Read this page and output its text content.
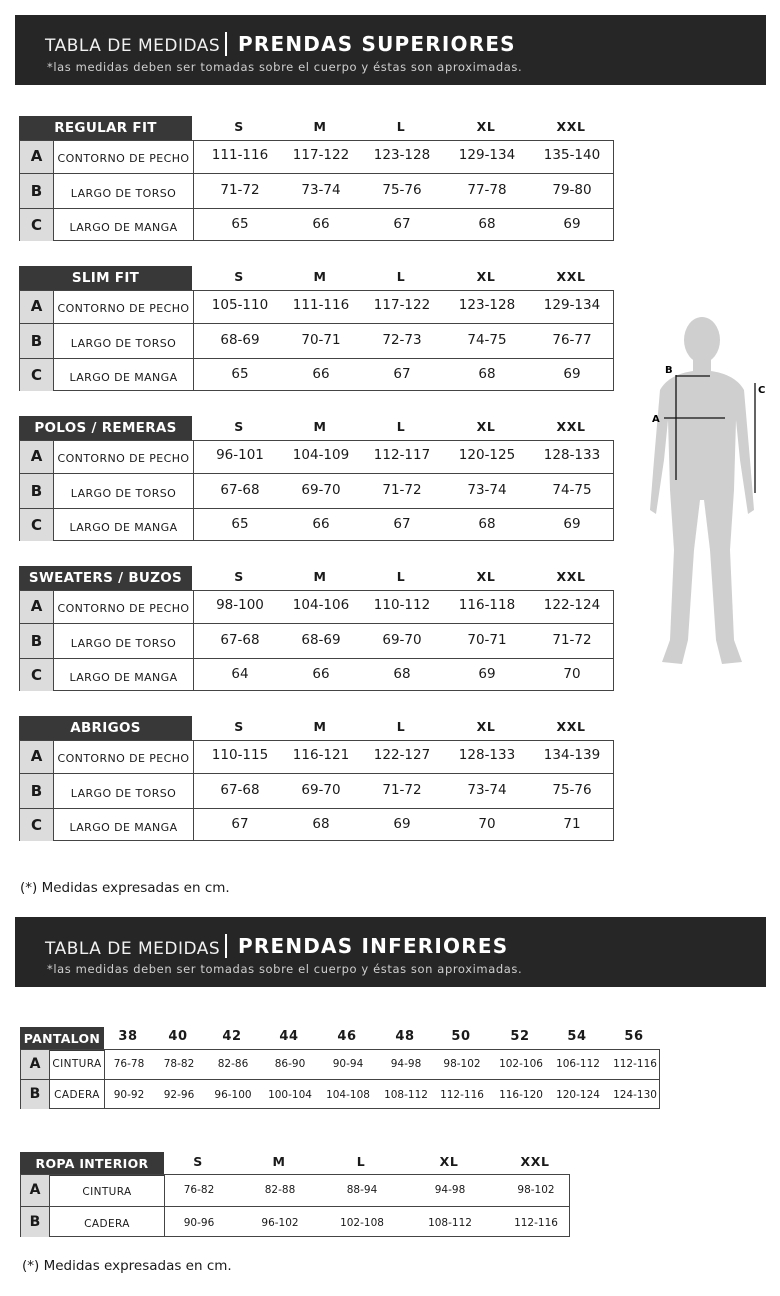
TABLA DE MEDIDAS PRENDAS SUPERIORES
*las medidas deben ser tomadas sobre el cuerpo y éstas son aproximadas.
REGULAR FIT	S	M	L	XL	XXL
A	CONTORNO DE PECHO	111-116	117-122	123-128	129-134	135-140
B	LARGO DE TORSO	71-72	73-74	75-76	77-78	79-80
C	LARGO DE MANGA	65	66	67	68	69
SLIM FIT	S	M	L	XL	XXL
A	CONTORNO DE PECHO	105-110	111-116	117-122	123-128	129-134
B	LARGO DE TORSO	68-69	70-71	72-73	74-75	76-77
C	LARGO DE MANGA	65	66	67	68	69
POLOS / REMERAS	S	M	L	XL	XXL
A	CONTORNO DE PECHO	96-101	104-109	112-117	120-125	128-133
B	LARGO DE TORSO	67-68	69-70	71-72	73-74	74-75
C	LARGO DE MANGA	65	66	67	68	69
SWEATERS / BUZOS	S	M	L	XL	XXL
A	CONTORNO DE PECHO	98-100	104-106	110-112	116-118	122-124
B	LARGO DE TORSO	67-68	68-69	69-70	70-71	71-72
C	LARGO DE MANGA	64	66	68	69	70
ABRIGOS	S	M	L	XL	XXL
A	CONTORNO DE PECHO	110-115	116-121	122-127	128-133	134-139
B	LARGO DE TORSO	67-68	69-70	71-72	73-74	75-76
C	LARGO DE MANGA	67	68	69	70	71
B
A
C
(*) Medidas expresadas en cm.
TABLA DE MEDIDAS PRENDAS INFERIORES
*las medidas deben ser tomadas sobre el cuerpo y éstas son aproximadas.
PANTALON	38	40	42	44	46	48	50	52	54	56
A	CINTURA	76-78	78-82	82-86	86-90	90-94	94-98	98-102	102-106	106-112	112-116
B	CADERA	90-92	92-96	96-100	100-104	104-108	108-112	112-116	116-120	120-124	124-130
ROPA INTERIOR	S	M	L	XL	XXL
A	CINTURA	76-82	82-88	88-94	94-98	98-102
B	CADERA	90-96	96-102	102-108	108-112	112-116
(*) Medidas expresadas en cm.
